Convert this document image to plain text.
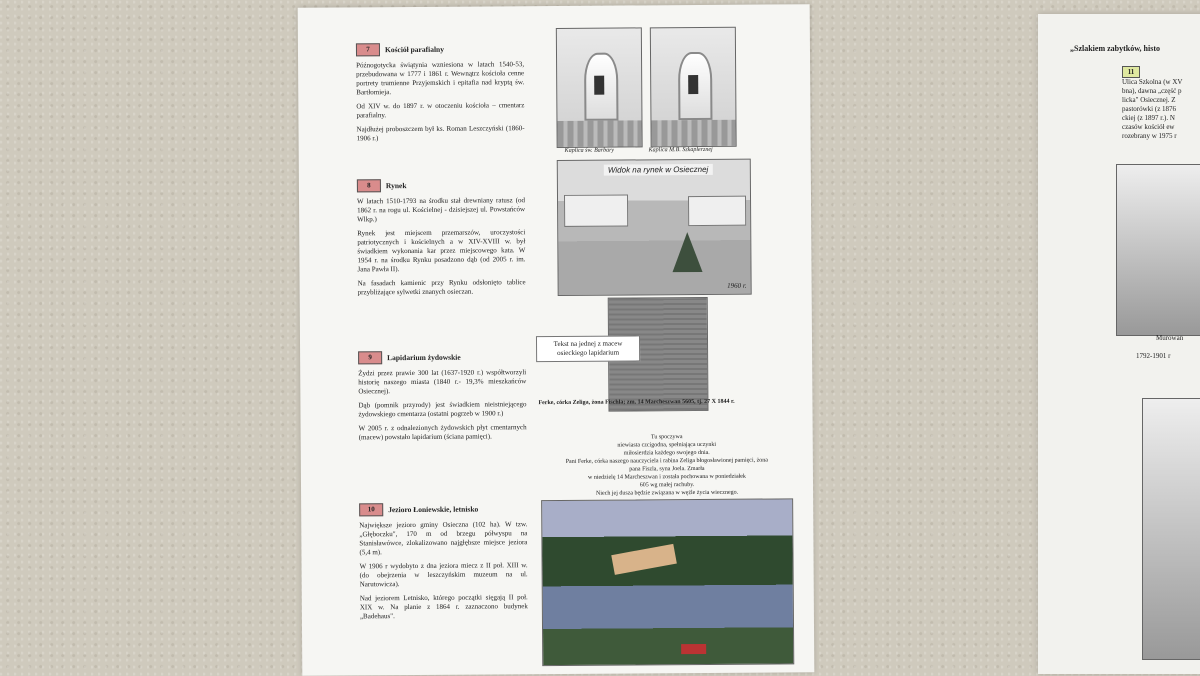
7	Kościół parafialny

Późnogotycka świątynia wzniesiona w latach 1540-53, przebudowana w 1777 i 1861 r. Wewnątrz kościoła cenne portrety trumienne Przyjemskich i epitafia nad kryptą św. Bartłomieja.

Od XIV w. do 1897 r. w otoczeniu kościoła – cmentarz parafialny.

Najdłużej proboszczem był ks. Roman Leszczyński (1860-1906 r.)

8	Rynek

W latach 1510-1793 na środku stał drewniany ratusz (od 1862 r. na rogu ul. Kościelnej - dzisiejszej ul. Powstańców Wlkp.)

Rynek jest miejscem przemarszów, uroczystości patriotycznych i kościelnych a w XIV-XVIII w. był świadkiem wykonania kar przez miejscowego kata. W 1954 r. na środku Rynku posadzono dąb (od 2005 r. im. Jana Pawła II).

Na fasadach kamienic przy Rynku odsłonięto tablice przybliżające sylwetki znanych osieczan.

9	Lapidarium żydowskie

Żydzi przez prawie 300 lat (1637-1920 r.) współtworzyli historię naszego miasta (1840 r.- 19,3% mieszkańców Osiecznej).

Dąb (pomnik przyrody) jest świadkiem nieistniejącego żydowskiego cmentarza (ostatni pogrzeb w 1900 r.)

W 2005 r. z odnalezionych żydowskich płyt cmentarnych (macew) powstało lapidarium (ściana pamięci).

10	Jezioro Łoniewskie, letnisko

Największe jezioro gminy Osieczna (102 ha). W tzw. „Głęboczku", 170 m od brzegu półwyspu na Stanisławówce, zlokalizowano najgłębsze miejsce jeziora (5,4 m).

W 1906 r wydobyto z dna jeziora miecz z II poł. XIII w. (do obejrzenia w leszczyńskim muzeum na ul. Narutowicza).

Nad jeziorem Letnisko, którego początki sięgają II poł. XIX w. Na planie z 1864 r. zaznaczono budynek „Badehaus".

Kaplica św. Barbary	Kaplica M.B. Szkaplerznej
Widok na rynek w Osiecznej
1960 r.
Tekst na jednej z macew osieckiego lapidarium
Ferke, córka Zeliga, żona Fischla; zm. 14 Marcheszwan 5605, tj. 27 X 1844 r.
Tu spoczywa
niewiasta czcigodna, spełniająca uczynki
miłosierdzia każdego swojego dnia.
Pani Ferke, córka naszego nauczyciela i rabina Zeliga błogosławionej pamięci, żona
pana Fiszla, syna Joela. Zmarła
w niedzielę 14 Marcheszwan i została pochowana w poniedziałek
605 wg małej rachuby.
Niech jej dusza będzie związana w węźle życia wiecznego.
„Szlakiem zabytków, histo
11
Ulica Szkolna (w XV
bna), dawna „część p
licka" Osiecznej. Z
pastorówki (z 1876
ckiej (z 1897 r.). N
czasów kościół ew
rozebrany w 1975 r
Murowan
1792-1901 r
